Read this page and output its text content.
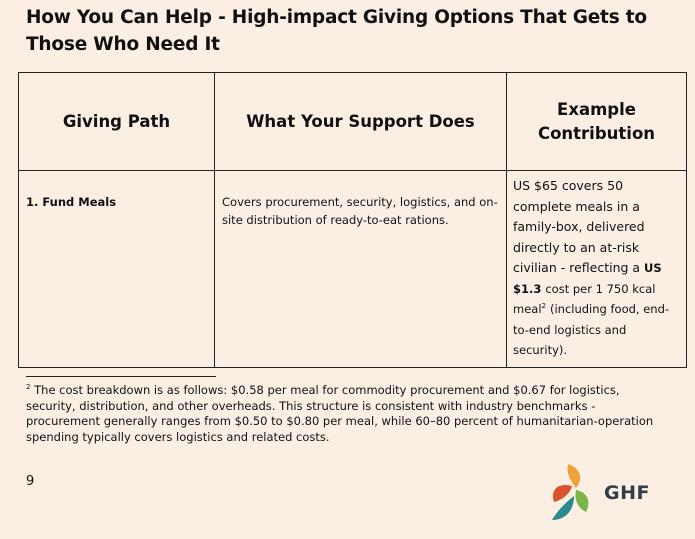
How You Can Help - High-impact Giving Options That Gets to Those Who Need It
Giving Path	What Your Support Does	Example Contribution
1. Fund Meals	Covers procurement, security, logistics, and on-site distribution of ready-to-eat rations.	US $65 covers 50 complete meals in a family-box, delivered directly to an at-risk civilian - reflecting a US $1.3 cost per 1 750 kcal meal$^2$ (including food, end-to-end logistics and security).
$^2$ The cost breakdown is as follows: $0.58 per meal for commodity procurement and $0.67 for logistics, security, distribution, and other overheads. This structure is consistent with industry benchmarks - procurement generally ranges from $0.50 to $0.80 per meal, while 60–80 percent of humanitarian-operation spending typically covers logistics and related costs.
9
GHF
